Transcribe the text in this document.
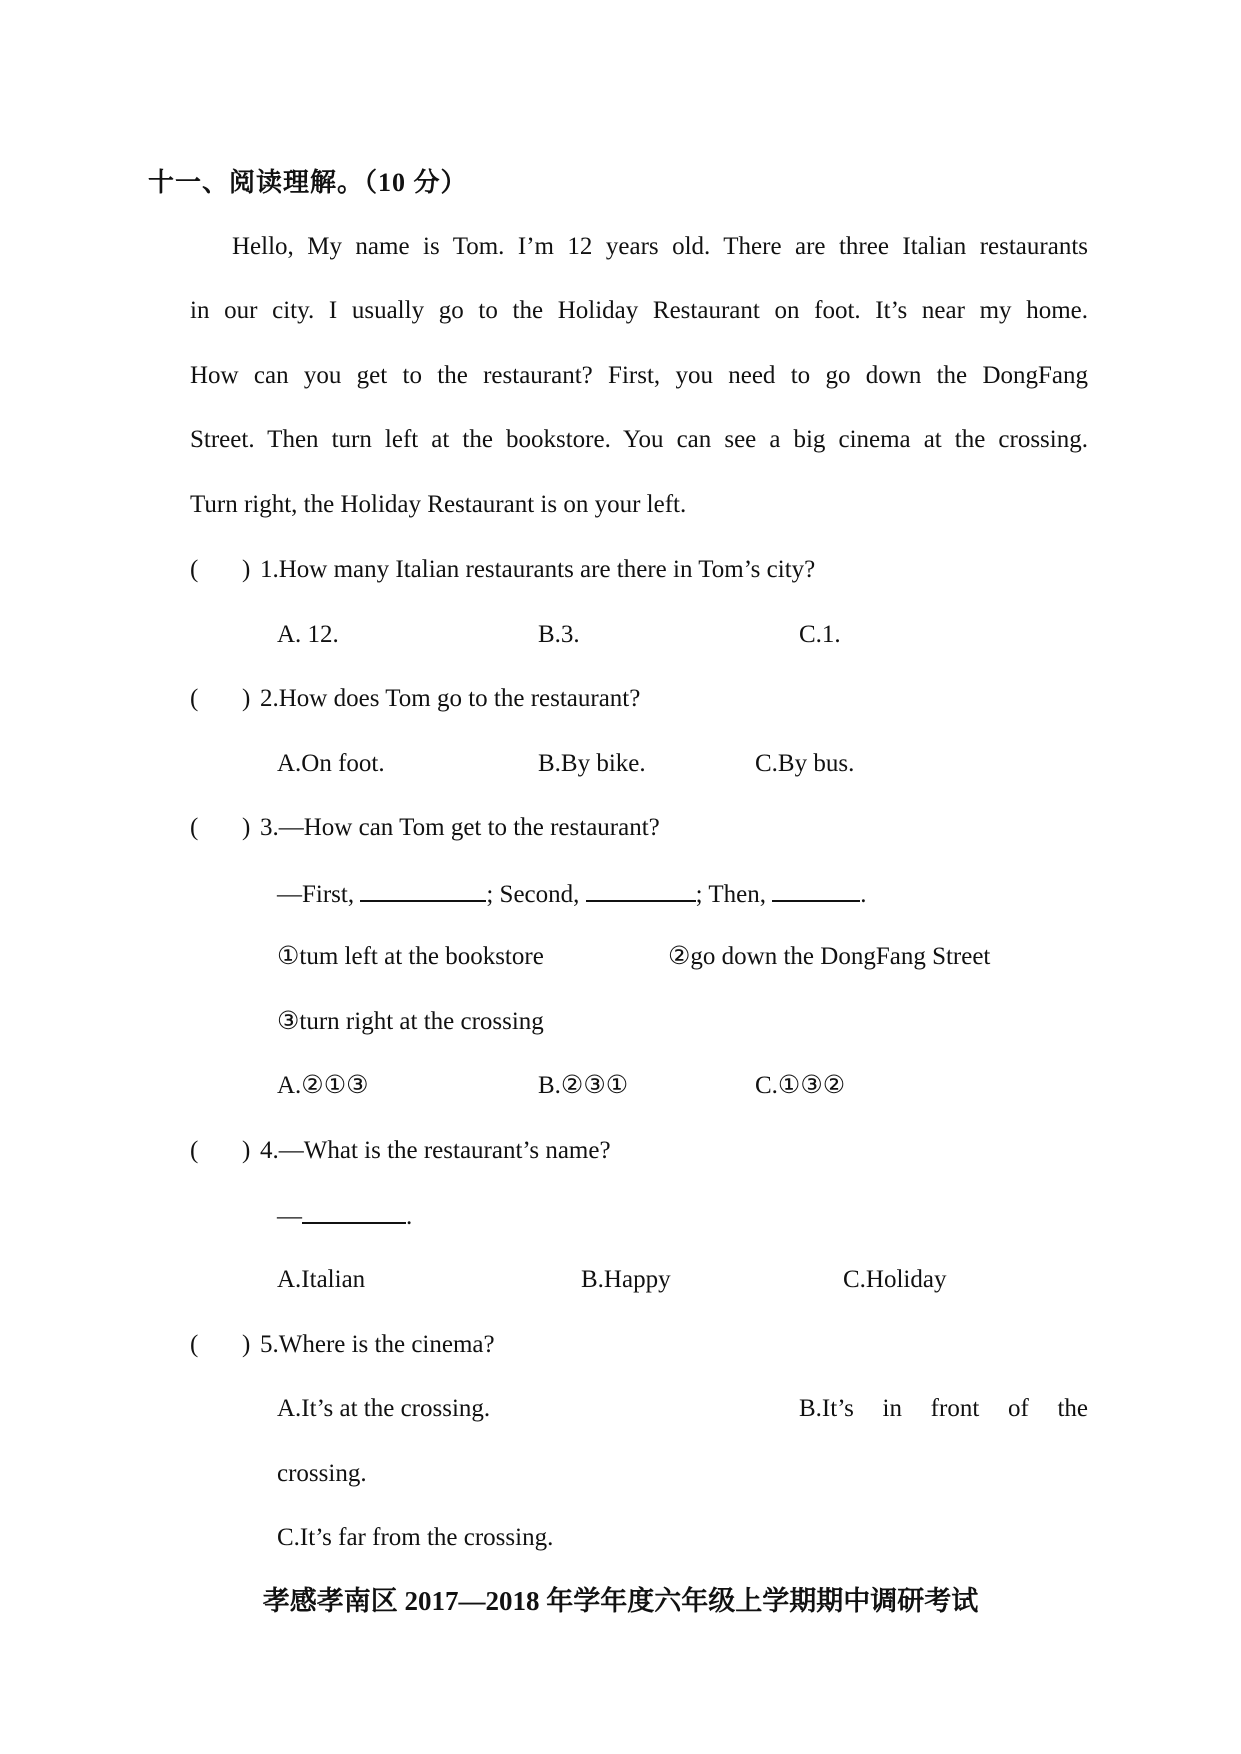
十一、阅读理解。（10 分）
Hello, My name is Tom. I’m 12 years old. There are three Italian restaurants
in our city. I usually go to the Holiday Restaurant on foot. It’s near my home.
How can you get to the restaurant? First, you need to go down the DongFang
Street. Then turn left at the bookstore. You can see a big cinema at the crossing.
Turn right, the Holiday Restaurant is on your left.
( ) 1.How many Italian restaurants are there in Tom’s city?
A. 12.	B.3.	C.1.
( ) 2.How does Tom go to the restaurant?
A.On foot.	B.By bike.	C.By bus.
( ) 3.—How can Tom get to the restaurant?
—First,	; Second,	; Then,	.
①tum left at the bookstore	②go down the DongFang Street
③turn right at the crossing
A.②①③	B.②③①	C.①③②
( ) 4.—What is the restaurant’s name?
—	.
A.Italian	B.Happy	C.Holiday
( ) 5.Where is the cinema?
A.It’s at the crossing.	B.It’s in front of the
crossing.
C.It’s far from the crossing.
孝感孝南区 2017—2018 年学年度六年级上学期期中调研考试
